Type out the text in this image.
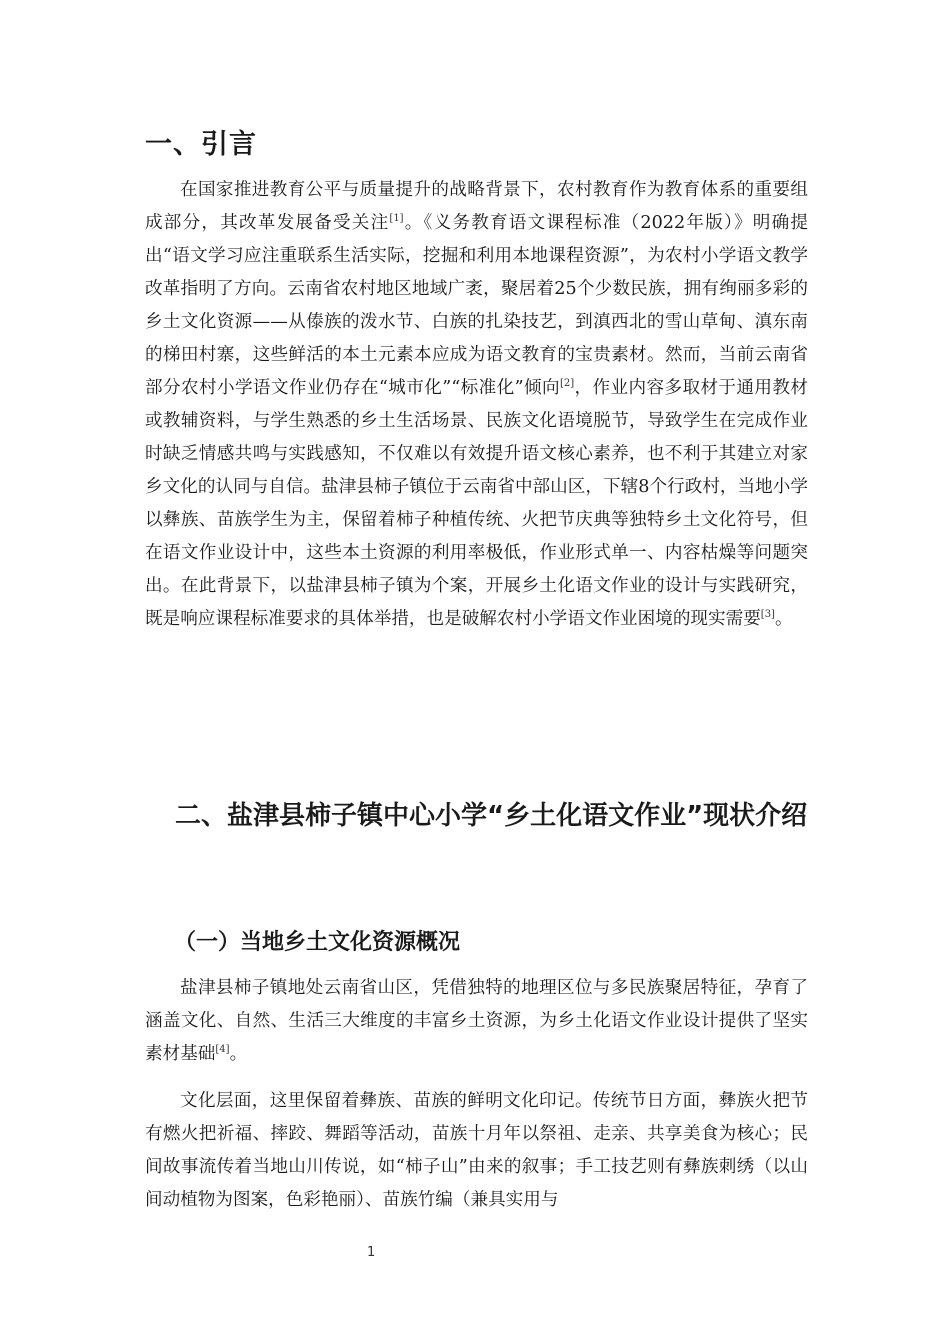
一、引言

在国家推进教育公平与质量提升的战略背景下，农村教育作为教育体系的重要组成部分，其改革发展备受关注[1]。《义务教育语文课程标准（2022年版）》明确提出“语文学习应注重联系生活实际，挖掘和利用本地课程资源”，为农村小学语文教学改革指明了方向。云南省农村地区地域广袤，聚居着25个少数民族，拥有绚丽多彩的乡土文化资源——从傣族的泼水节、白族的扎染技艺，到滇西北的雪山草甸、滇东南的梯田村寨，这些鲜活的本土元素本应成为语文教育的宝贵素材。然而，当前云南省部分农村小学语文作业仍存在“城市化”“标准化”倾向[2]，作业内容多取材于通用教材或教辅资料，与学生熟悉的乡土生活场景、民族文化语境脱节，导致学生在完成作业时缺乏情感共鸣与实践感知，不仅难以有效提升语文核心素养，也不利于其建立对家乡文化的认同与自信。盐津县柿子镇位于云南省中部山区，下辖8个行政村，当地小学以彝族、苗族学生为主，保留着柿子种植传统、火把节庆典等独特乡土文化符号，但在语文作业设计中，这些本土资源的利用率极低，作业形式单一、内容枯燥等问题突出。在此背景下，以盐津县柿子镇为个案，开展乡土化语文作业的设计与实践研究，既是响应课程标准要求的具体举措，也是破解农村小学语文作业困境的现实需要[3]。

二、盐津县柿子镇中心小学“乡土化语文作业”现状介绍
（一）当地乡土文化资源概况

盐津县柿子镇地处云南省山区，凭借独特的地理区位与多民族聚居特征，孕育了涵盖文化、自然、生活三大维度的丰富乡土资源，为乡土化语文作业设计提供了坚实素材基础[4]。

文化层面，这里保留着彝族、苗族的鲜明文化印记。传统节日方面，彝族火把节有燃火把祈福、摔跤、舞蹈等活动，苗族十月年以祭祖、走亲、共享美食为核心；民间故事流传着当地山川传说，如“柿子山”由来的叙事；手工技艺则有彝族刺绣（以山间动植物为图案，色彩艳丽）、苗族竹编（兼具实用与

1
